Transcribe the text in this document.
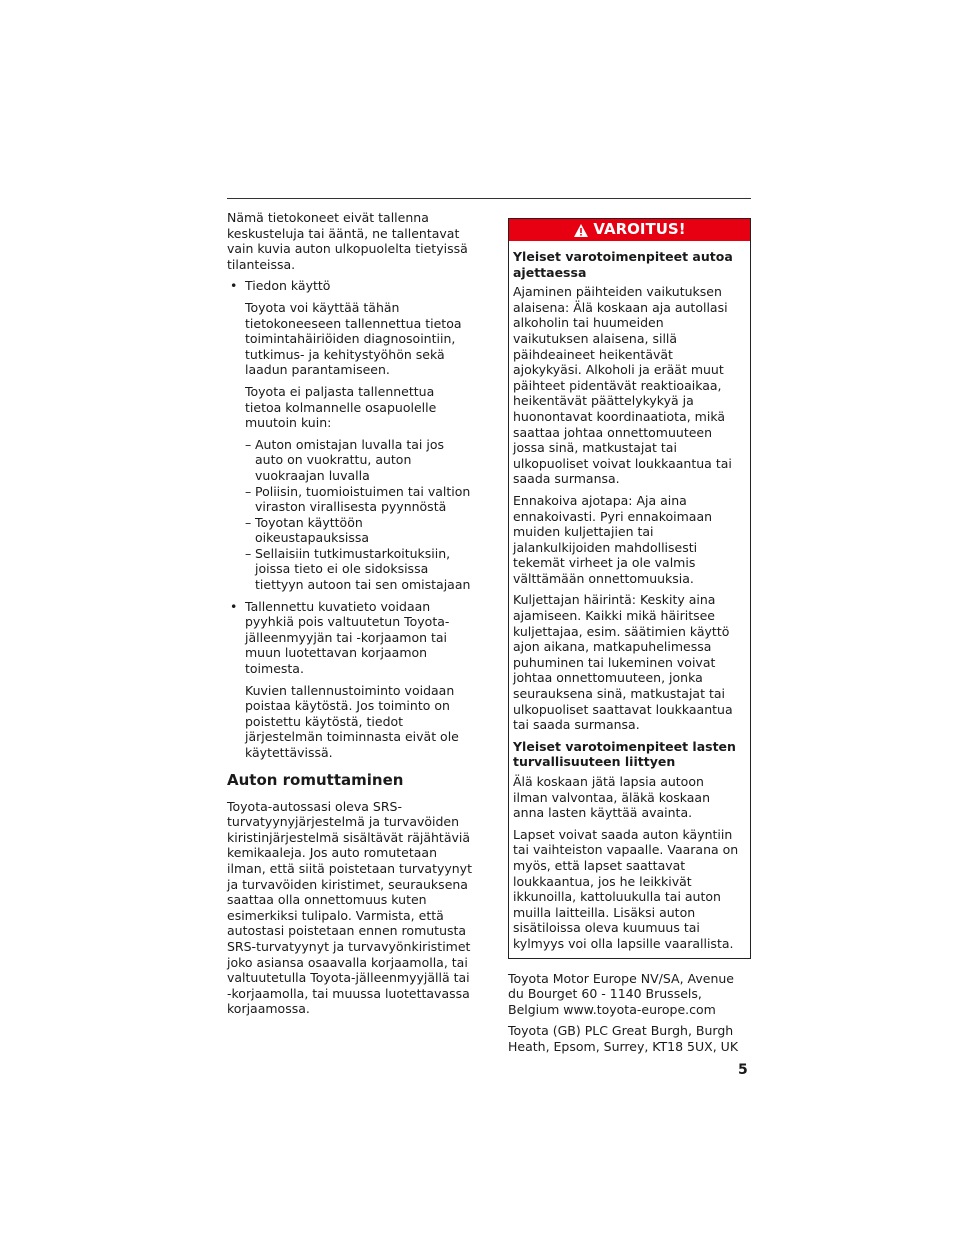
Nämä tietokoneet eivät tallenna keskusteluja tai ääntä, ne tallentavat vain kuvia auton ulkopuolelta tietyissä tilanteissa.

• Tiedon käyttö

Toyota voi käyttää tähän tietokoneeseen tallennettua tietoa toimintahäiriöiden diagnosointiin, tutkimus- ja kehitystyöhön sekä laadun parantamiseen.

Toyota ei paljasta tallennettua tietoa kolmannelle osapuolelle muutoin kuin:

– Auton omistajan luvalla tai jos auto on vuokrattu, auton vuokraajan luvalla
– Poliisin, tuomioistuimen tai valtion viraston virallisesta pyynnöstä
– Toyotan käyttöön oikeustapauksissa
– Sellaisiin tutkimustarkoituksiin, joissa tieto ei ole sidoksissa tiettyyn autoon tai sen omistajaan
• Tallennettu kuvatieto voidaan pyyhkiä pois valtuutetun Toyota-jälleenmyyjän tai -korjaamon tai muun luotettavan korjaamon toimesta.

Kuvien tallennustoiminto voidaan poistaa käytöstä. Jos toiminto on poistettu käytöstä, tiedot järjestelmän toiminnasta eivät ole käytettävissä.

Auton romuttaminen

Toyota-autossasi oleva SRS-turvatyynyjärjestelmä ja turvavöiden kiristinjärjestelmä sisältävät räjähtäviä kemikaaleja. Jos auto romutetaan ilman, että siitä poistetaan turvatyynyt ja turvavöiden kiristimet, seurauksena saattaa olla onnettomuus kuten esimerkiksi tulipalo. Varmista, että autostasi poistetaan ennen romutusta SRS-turvatyynyt ja turvavyönkiristimet joko asiansa osaavalla korjaamolla, tai valtuutetulla Toyota-jälleenmyyjällä tai -korjaamolla, tai muussa luotettavassa korjaamossa.

VAROITUS!
Yleiset varotoimenpiteet autoa ajettaessa

Ajaminen päihteiden vaikutuksen alaisena: Älä koskaan aja autollasi alkoholin tai huumeiden vaikutuksen alaisena, sillä päihdeaineet heikentävät ajokykyäsi. Alkoholi ja eräät muut päihteet pidentävät reaktioaikaa, heikentävät päättelykykyä ja huonontavat koordinaatiota, mikä saattaa johtaa onnettomuuteen jossa sinä, matkustajat tai ulkopuoliset voivat loukkaantua tai saada surmansa.

Ennakoiva ajotapa: Aja aina ennakoivasti. Pyri ennakoimaan muiden kuljettajien tai jalankulkijoiden mahdollisesti tekemät virheet ja ole valmis välttämään onnettomuuksia.

Kuljettajan häirintä: Keskity aina ajamiseen. Kaikki mikä häiritsee kuljettajaa, esim. säätimien käyttö ajon aikana, matkapuhelimessa puhuminen tai lukeminen voivat johtaa onnettomuuteen, jonka seurauksena sinä, matkustajat tai ulkopuoliset saattavat loukkaantua tai saada surmansa.

Yleiset varotoimenpiteet lasten turvallisuuteen liittyen

Älä koskaan jätä lapsia autoon ilman valvontaa, äläkä koskaan anna lasten käyttää avainta.

Lapset voivat saada auton käyntiin tai vaihteiston vapaalle. Vaarana on myös, että lapset saattavat loukkaantua, jos he leikkivät ikkunoilla, kattoluukulla tai auton muilla laitteilla. Lisäksi auton sisätiloissa oleva kuumuus tai kylmyys voi olla lapsille vaarallista.

Toyota Motor Europe NV/SA, Avenue du Bourget 60 - 1140 Brussels, Belgium www.toyota-europe.com

Toyota (GB) PLC Great Burgh, Burgh Heath, Epsom, Surrey, KT18 5UX, UK

5
